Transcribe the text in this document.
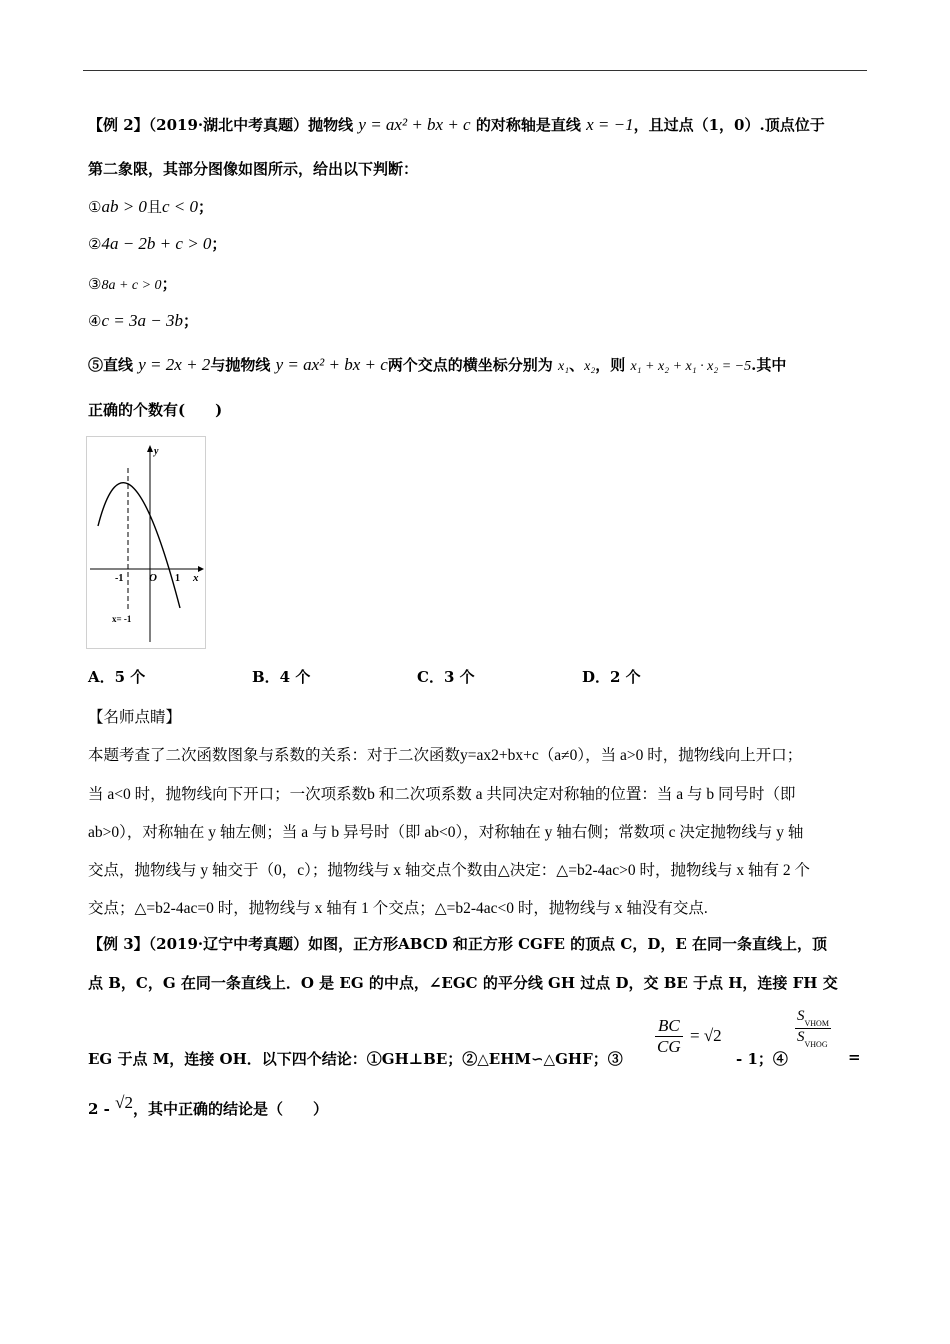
【例 2】（2019·湖北中考真题）抛物线 y = ax² + bx + c 的对称轴是直线 x = −1，且过点（1，0）.顶点位于
第二象限，其部分图像如图所示，给出以下判断：
①ab > 0且c < 0；
②4a − 2b + c > 0；
③8a + c > 0；
④c = 3a − 3b；
⑤直线 y = 2x + 2与抛物线 y = ax² + bx + c两个交点的横坐标分别为 x₁、x₂，则 x₁ + x₂ + x₁ · x₂ = −5.其中
正确的个数有(　　)
y
x
O
-1	1
x= -1
A．5 个	B．4 个	C．3 个	D．2 个
【名师点睛】
本题考查了二次函数图象与系数的关系：对于二次函数y=ax2+bx+c（a≠0），当 a>0 时，抛物线向上开口；
当 a<0 时，抛物线向下开口；一次项系数b 和二次项系数 a 共同决定对称轴的位置：当 a 与 b 同号时（即
ab>0），对称轴在 y 轴左侧；当 a 与 b 异号时（即 ab<0），对称轴在 y 轴右侧；常数项 c 决定抛物线与 y 轴
交点，抛物线与 y 轴交于（0，c）；抛物线与 x 轴交点个数由△决定：△=b2-4ac>0 时，抛物线与 x 轴有 2 个
交点；△=b2-4ac=0 时，抛物线与 x 轴有 1 个交点；△=b2-4ac<0 时，抛物线与 x 轴没有交点.
【例 3】（2019·辽宁中考真题）如图，正方形ABCD 和正方形 CGFE 的顶点 C，D，E 在同一条直线上，顶
点 B，C，G 在同一条直线上．O 是 EG 的中点，∠EGC 的平分线 GH 过点 D，交 BE 于点 H，连接 FH 交
EG 于点 M，连接 OH．以下四个结论：①GH⊥BE；②△EHM∽△GHF；③
$\frac{BC}{CG} = √2$
- 1；④
$S_{VHOM}$
$S_{VHOG}$
=
2 - √2，其中正确的结论是（　　）
